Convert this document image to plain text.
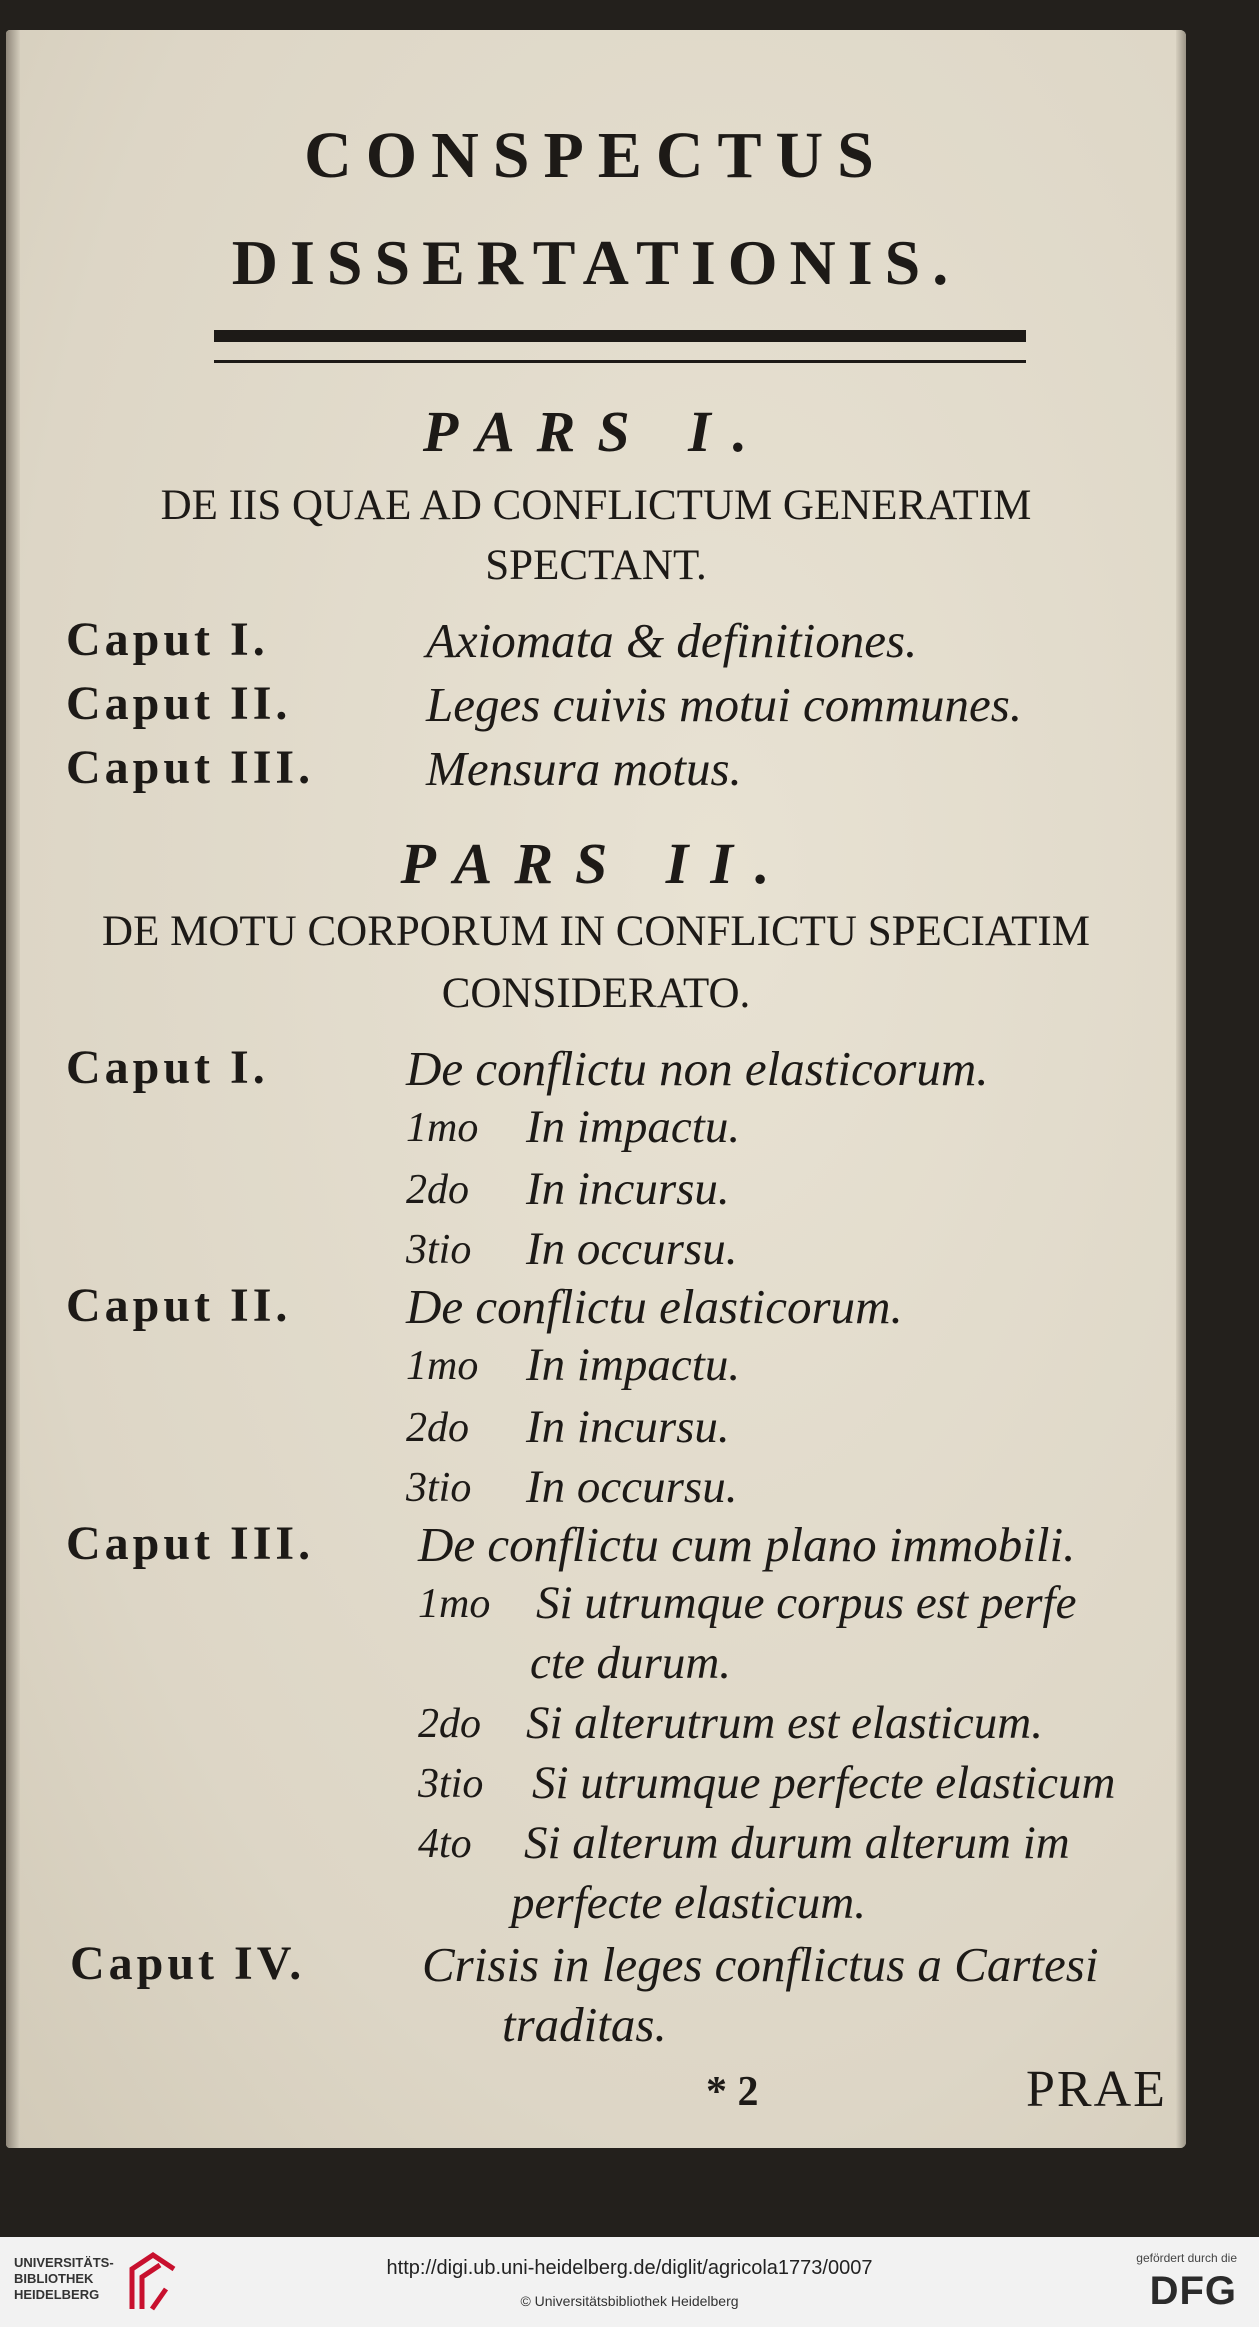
CONSPECTUS
DISSERTATIONIS.
PARS I.
DE IIS QUAE AD CONFLICTUM GENERATIM
SPECTANT.
Caput I.	Axiomata & definitiones.
Caput II.	Leges cuivis motui communes.
Caput III. Mensura motus.
PARS II.
DE MOTU CORPORUM IN CONFLICTU SPECIATIM
CONSIDERATO.
Caput I.	De conflictu non elasticorum.
1mo In impactu.
2do In incursu.
3tio In occursu.
Caput II. De conflictu elasticorum.
1mo In impactu.
2do In incursu.
3tio In occursu.
Caput III. De conflictu cum plano immobili.
1mo Si utrumque corpus est perfe
cte durum.
2do Si alterutrum est elasticum.
3tio Si utrumque perfecte elasticum
4to Si alterum durum alterum im
perfecte elasticum.
Caput IV. Crisis in leges conflictus a Cartesi
traditas.
* 2	PRAE
UNIVERSITÄTS-
BIBLIOTHEK
HEIDELBERG
http://digi.ub.uni-heidelberg.de/diglit/agricola1773/0007
© Universitätsbibliothek Heidelberg
gefördert durch die
DFG
